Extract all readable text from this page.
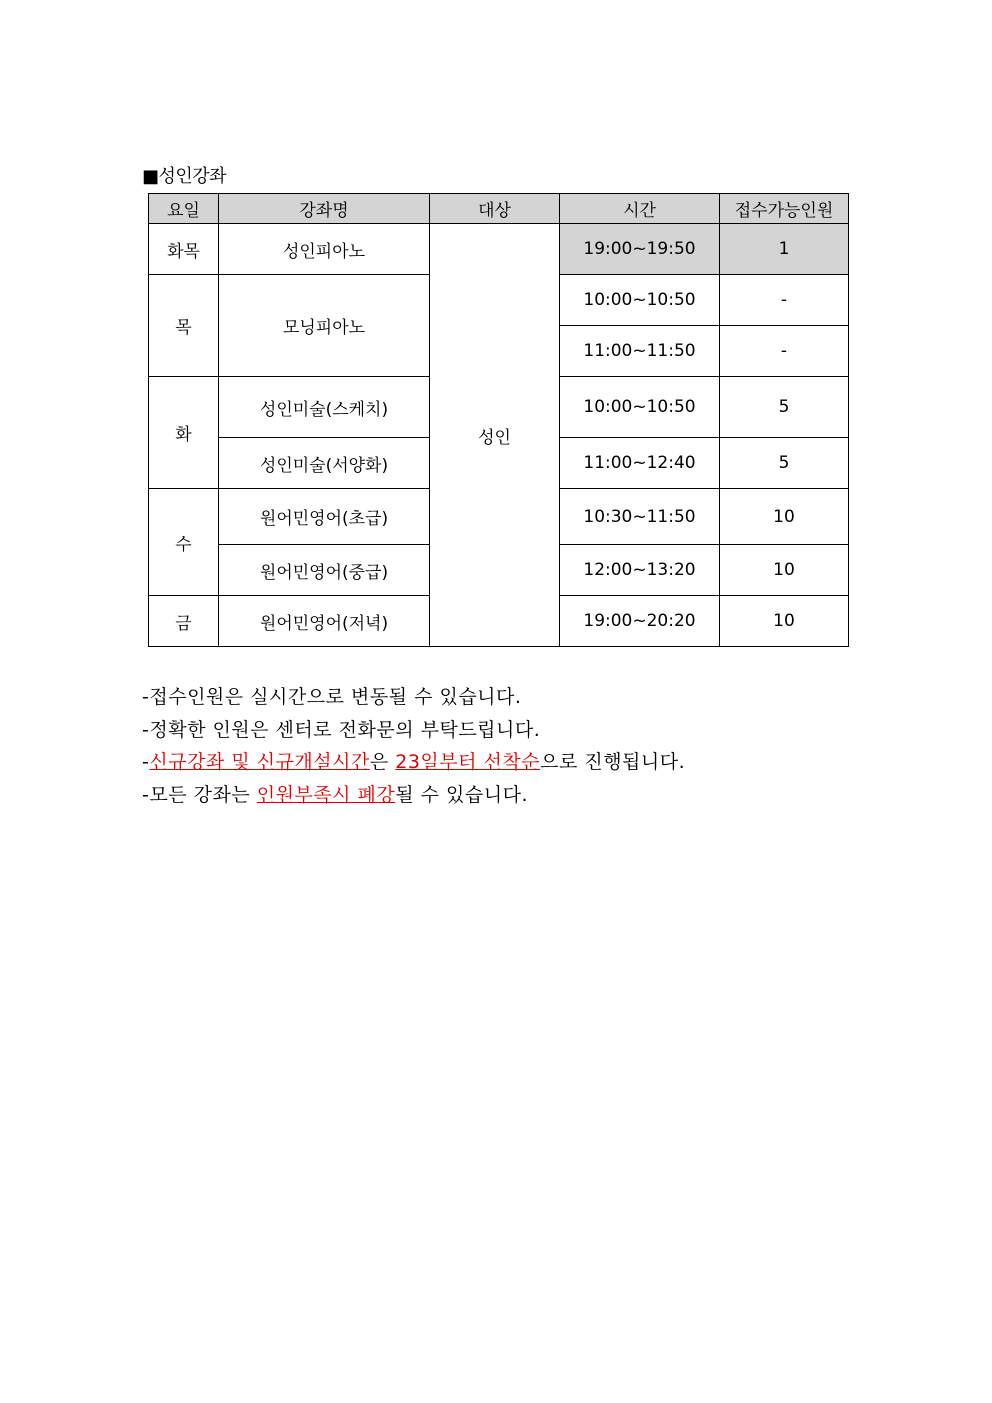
■성인강좌
요일	강좌명	대상	시간	접수가능인원
화목	성인피아노	성인	19:00~19:50	1
목	모닝피아노		10:00~10:50	-
			11:00~11:50	-
화	성인미술(스케치)		10:00~10:50	5
	성인미술(서양화)		11:00~12:40	5
수	원어민영어(초급)		10:30~11:50	10
	원어민영어(중급)		12:00~13:20	10
금	원어민영어(저녁)		19:00~20:20	10
-접수인원은 실시간으로 변동될 수 있습니다.
-정확한 인원은 센터로 전화문의 부탁드립니다.
-신규강좌 및 신규개설시간은 23일부터 선착순으로 진행됩니다.
-모든 강좌는 인원부족시 폐강될 수 있습니다.
